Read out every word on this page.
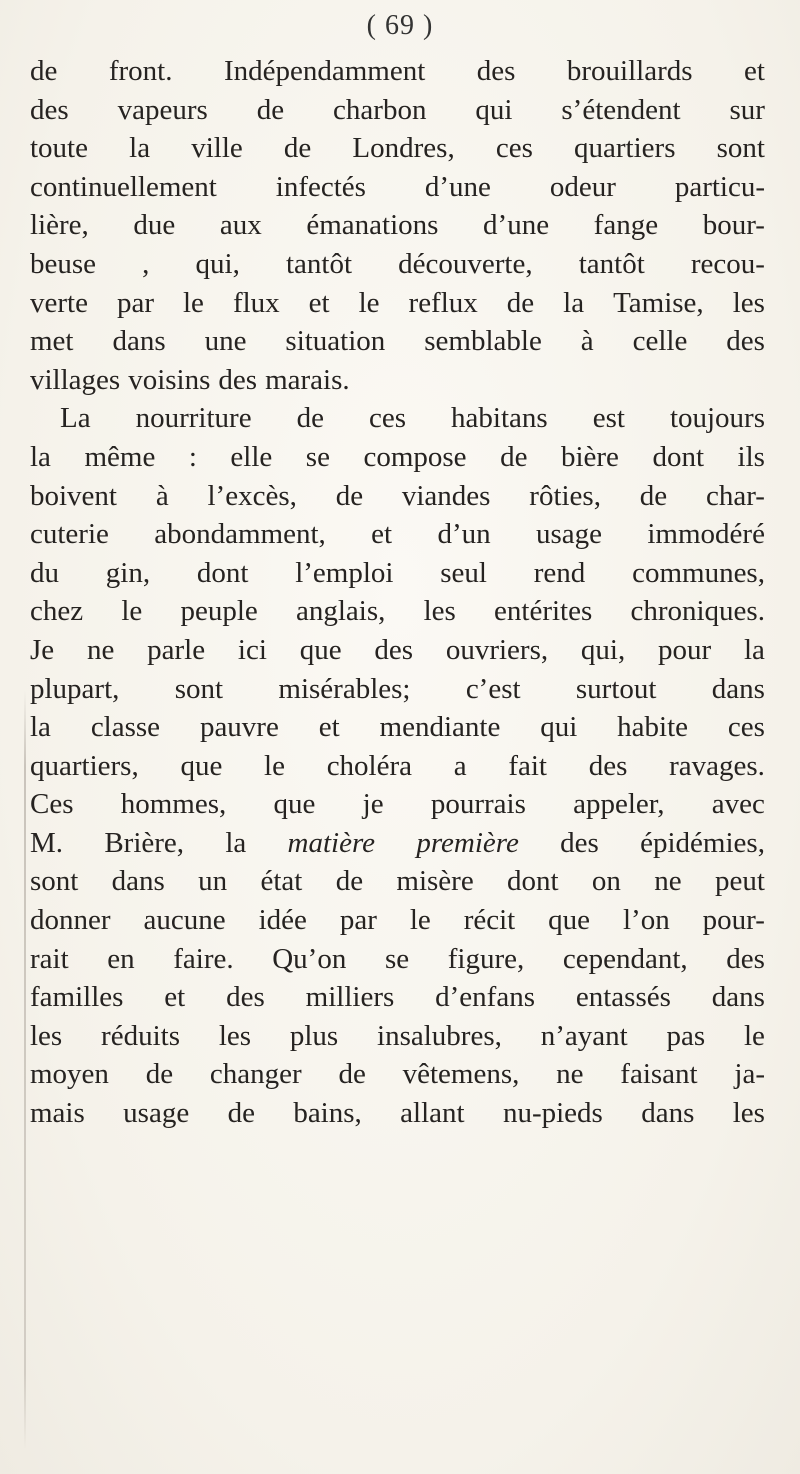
( 69 )
de front. Indépendamment des brouillards et
des vapeurs de charbon qui s’étendent sur
toute la ville de Londres, ces quartiers sont
continuellement infectés d’une odeur particu-
lière, due aux émanations d’une fange bour-
beuse , qui, tantôt découverte, tantôt recou-
verte par le flux et le reflux de la Tamise, les
met dans une situation semblable à celle des
villages voisins des marais.
La nourriture de ces habitans est toujours
la même : elle se compose de bière dont ils
boivent à l’excès, de viandes rôties, de char-
cuterie abondamment, et d’un usage immodéré
du gin, dont l’emploi seul rend communes,
chez le peuple anglais, les entérites chroniques.
Je ne parle ici que des ouvriers, qui, pour la
plupart, sont misérables; c’est surtout dans
la classe pauvre et mendiante qui habite ces
quartiers, que le choléra a fait des ravages.
Ces hommes, que je pourrais appeler, avec
M. Brière, la matière première des épidémies,
sont dans un état de misère dont on ne peut
donner aucune idée par le récit que l’on pour-
rait en faire. Qu’on se figure, cependant, des
familles et des milliers d’enfans entassés dans
les réduits les plus insalubres, n’ayant pas le
moyen de changer de vêtemens, ne faisant ja-
mais usage de bains, allant nu-pieds dans les
